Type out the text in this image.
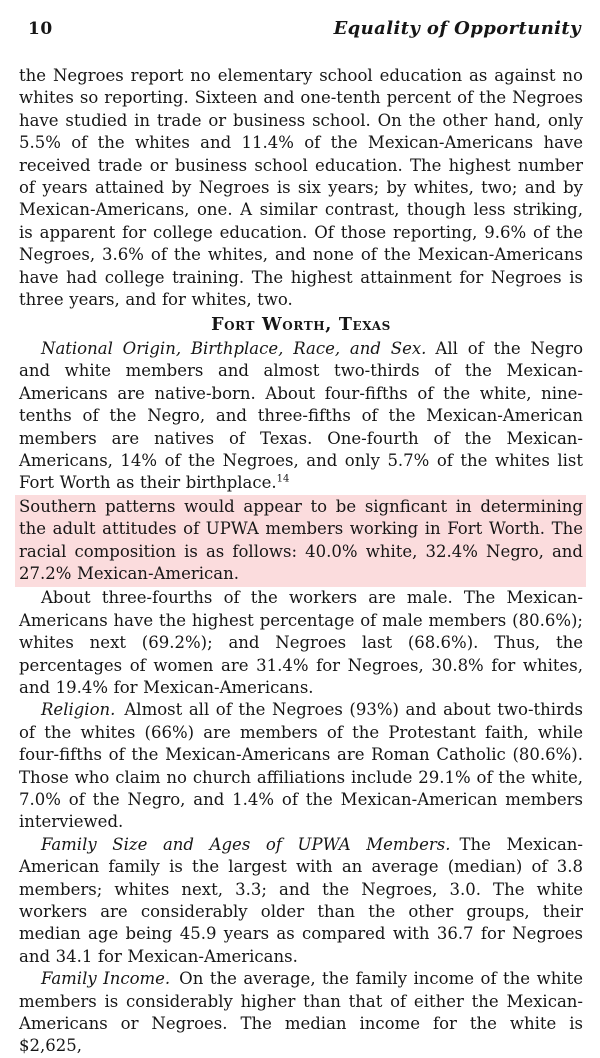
10	Equality of Opportunity

the Negroes report no elementary school education as against no whites so reporting. Sixteen and one-tenth percent of the Negroes have studied in trade or business school. On the other hand, only 5.5% of the whites and 11.4% of the Mexican-Americans have received trade or business school education. The highest number of years attained by Negroes is six years; by whites, two; and by Mexican-Americans, one. A similar contrast, though less striking, is apparent for college education. Of those reporting, 9.6% of the Negroes, 3.6% of the whites, and none of the Mexican-Americans have had college training. The highest attainment for Negroes is three years, and for whites, two.

Fort Worth, Texas

National Origin, Birthplace, Race, and Sex. All of the Negro and white members and almost two-thirds of the Mexican-Americans are native-born. About four-fifths of the white, nine-tenths of the Negro, and three-fifths of the Mexican-American members are natives of Texas. One-fourth of the Mexican-Americans, 14% of the Negroes, and only 5.7% of the whites list Fort Worth as their birthplace.$^{14}$

Southern patterns would appear to be signficant in determining the adult attitudes of UPWA members working in Fort Worth. The racial composition is as follows: 40.0% white, 32.4% Negro, and 27.2% Mexican-American.

About three-fourths of the workers are male. The Mexican-Americans have the highest percentage of male members (80.6%); whites next (69.2%); and Negroes last (68.6%). Thus, the percentages of women are 31.4% for Negroes, 30.8% for whites, and 19.4% for Mexican-Americans.

Religion. Almost all of the Negroes (93%) and about two-thirds of the whites (66%) are members of the Protestant faith, while four-fifths of the Mexican-Americans are Roman Catholic (80.6%). Those who claim no church affiliations include 29.1% of the white, 7.0% of the Negro, and 1.4% of the Mexican-American members interviewed.

Family Size and Ages of UPWA Members. The Mexican-American family is the largest with an average (median) of 3.8 members; whites next, 3.3; and the Negroes, 3.0. The white workers are considerably older than the other groups, their median age being 45.9 years as compared with 36.7 for Negroes and 34.1 for Mexican-Americans.

Family Income. On the average, the family income of the white members is considerably higher than that of either the Mexican-Americans or Negroes. The median income for the white is $2,625,
